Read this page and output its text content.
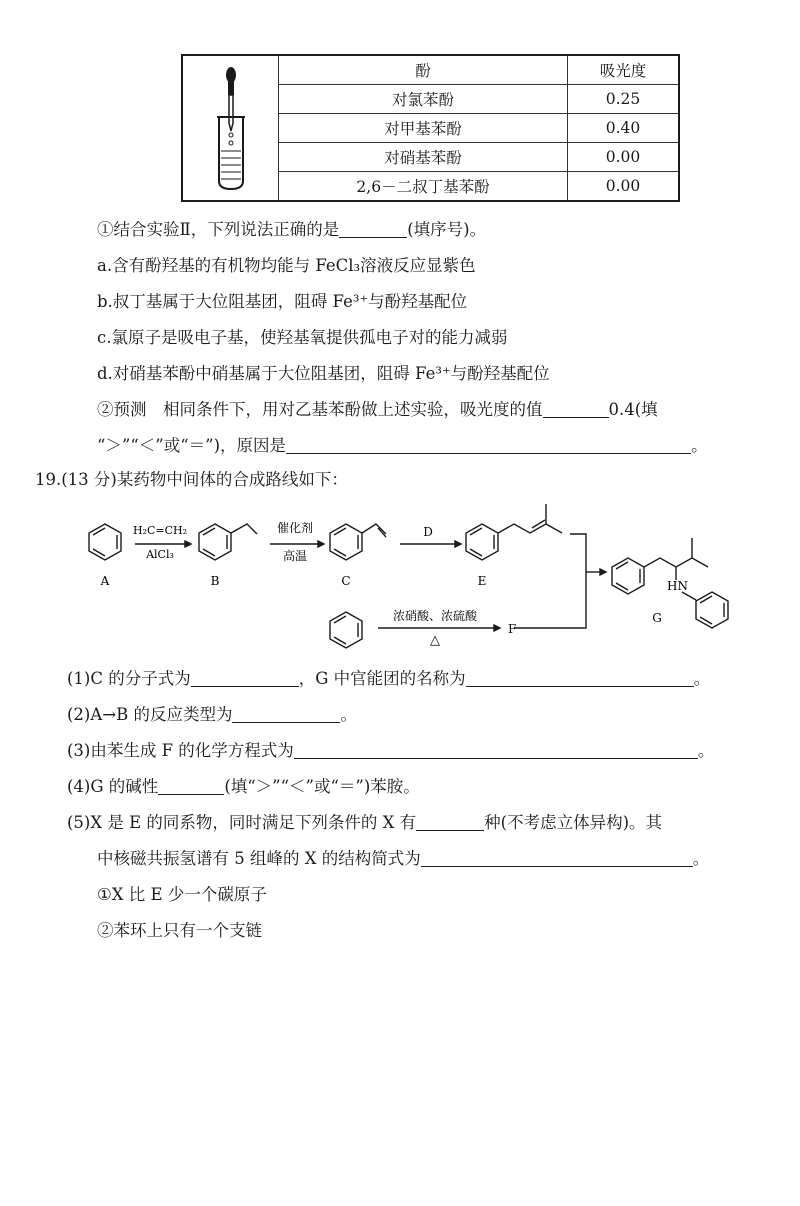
	酚	吸光度
	对氯苯酚	0.25
	对甲基苯酚	0.40
	对硝基苯酚	0.00
	2,6－二叔丁基苯酚	0.00
①结合实验Ⅱ，下列说法正确的是	(填序号)。
a.含有酚羟基的有机物均能与 FeCl₃溶液反应显紫色
b.叔丁基属于大位阻基团，阻碍 Fe³⁺与酚羟基配位
c.氯原子是吸电子基，使羟基氧提供孤电子对的能力减弱
d.对硝基苯酚中硝基属于大位阻基团，阻碍 Fe³⁺与酚羟基配位
②预测　相同条件下，用对乙基苯酚做上述实验，吸光度的值	0.4(填
“＞”“＜”或“＝”)，原因是	。
19.(13 分)某药物中间体的合成路线如下：
H₂C=CH₂
AlCl₃
催化剂
高温
D
浓硝酸、浓硫酸
△
A	B	C	E
F
G
HN
(1)C 的分子式为	，G 中官能团的名称为	。
(2)A→B 的反应类型为	。
(3)由苯生成 F 的化学方程式为	。
(4)G 的碱性	(填“＞”“＜”或“＝”)苯胺。
(5)X 是 E 的同系物，同时满足下列条件的 X 有	种(不考虑立体异构)。其
中核磁共振氢谱有 5 组峰的 X 的结构简式为	。
①X 比 E 少一个碳原子
②苯环上只有一个支链
